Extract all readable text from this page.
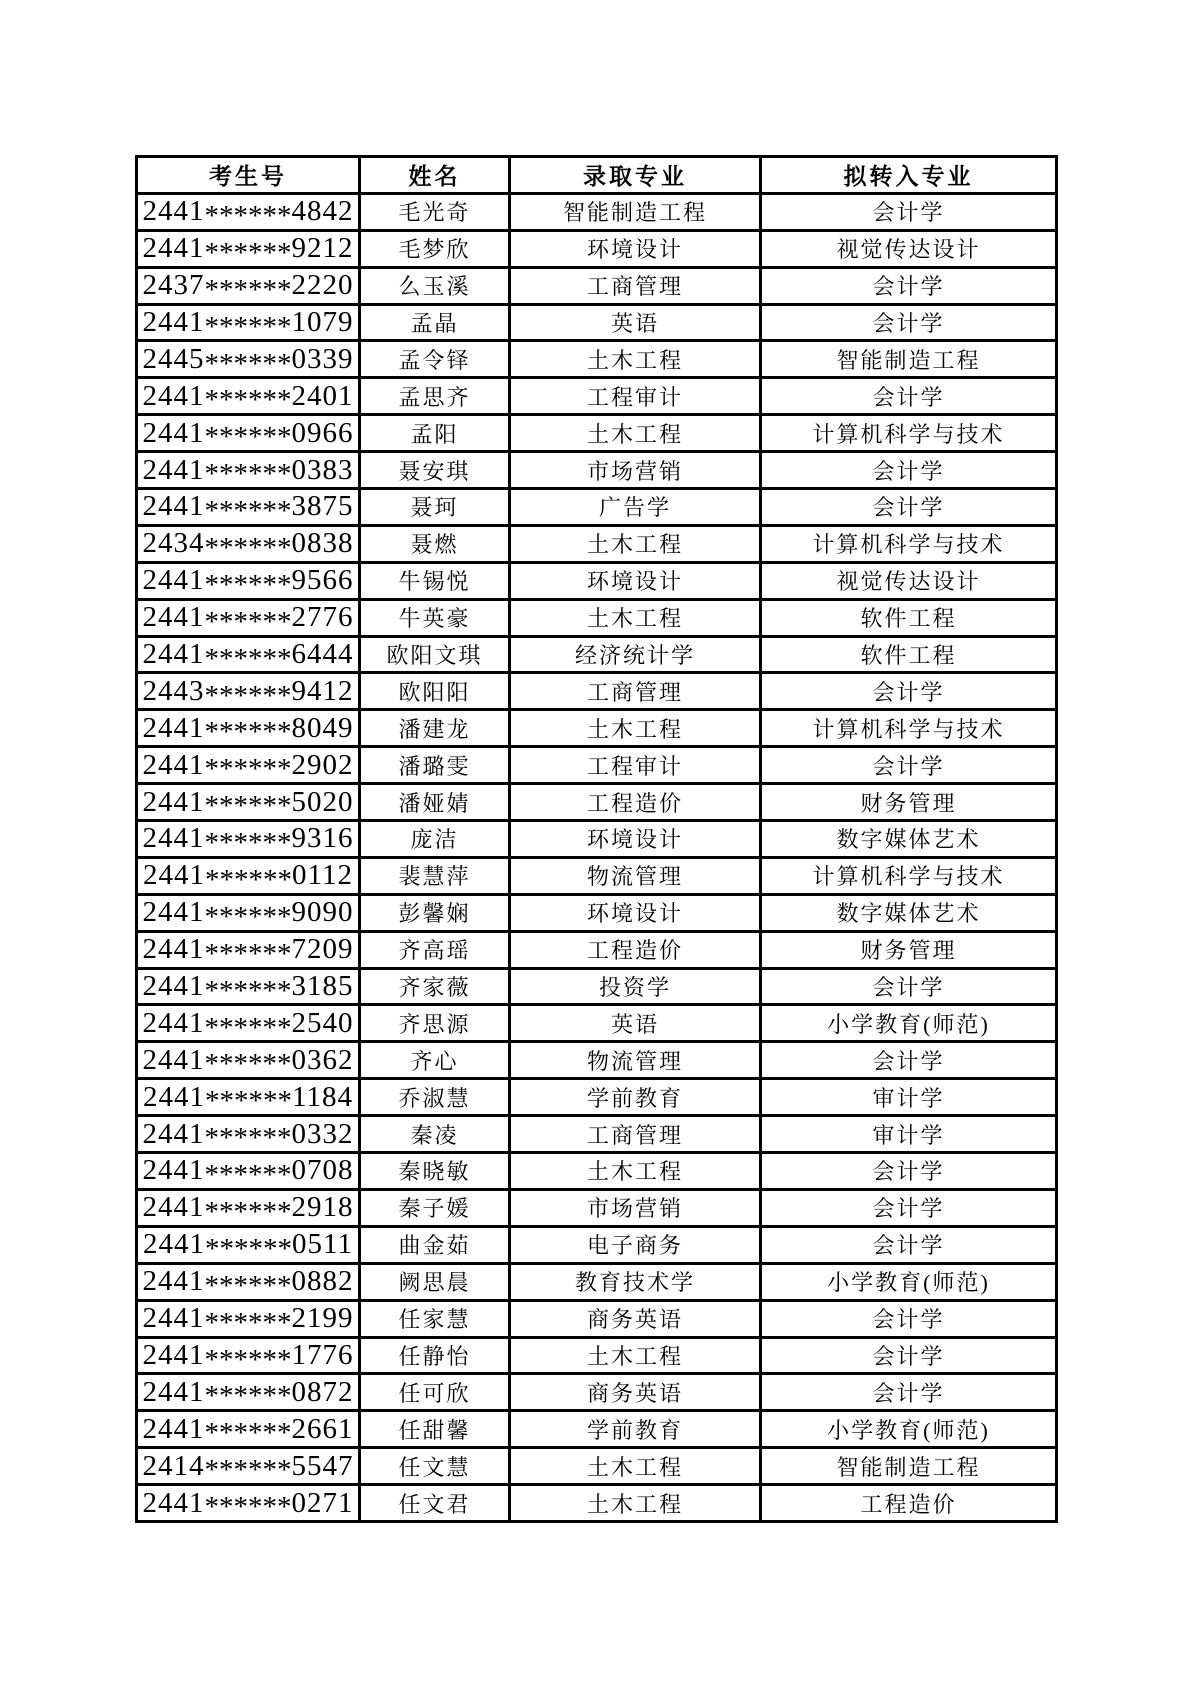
考生号	姓名	录取专业	拟转入专业
2441******4842	毛光奇	智能制造工程	会计学
2441******9212	毛梦欣	环境设计	视觉传达设计
2437******2220	么玉溪	工商管理	会计学
2441******1079	孟晶	英语	会计学
2445******0339	孟令铎	土木工程	智能制造工程
2441******2401	孟思齐	工程审计	会计学
2441******0966	孟阳	土木工程	计算机科学与技术
2441******0383	聂安琪	市场营销	会计学
2441******3875	聂珂	广告学	会计学
2434******0838	聂燃	土木工程	计算机科学与技术
2441******9566	牛锡悦	环境设计	视觉传达设计
2441******2776	牛英豪	土木工程	软件工程
2441******6444	欧阳文琪	经济统计学	软件工程
2443******9412	欧阳阳	工商管理	会计学
2441******8049	潘建龙	土木工程	计算机科学与技术
2441******2902	潘璐雯	工程审计	会计学
2441******5020	潘娅婧	工程造价	财务管理
2441******9316	庞洁	环境设计	数字媒体艺术
2441******0112	裴慧萍	物流管理	计算机科学与技术
2441******9090	彭馨娴	环境设计	数字媒体艺术
2441******7209	齐高瑶	工程造价	财务管理
2441******3185	齐家薇	投资学	会计学
2441******2540	齐思源	英语	小学教育(师范)
2441******0362	齐心	物流管理	会计学
2441******1184	乔淑慧	学前教育	审计学
2441******0332	秦凌	工商管理	审计学
2441******0708	秦晓敏	土木工程	会计学
2441******2918	秦子媛	市场营销	会计学
2441******0511	曲金茹	电子商务	会计学
2441******0882	阙思晨	教育技术学	小学教育(师范)
2441******2199	任家慧	商务英语	会计学
2441******1776	任静怡	土木工程	会计学
2441******0872	任可欣	商务英语	会计学
2441******2661	任甜馨	学前教育	小学教育(师范)
2414******5547	任文慧	土木工程	智能制造工程
2441******0271	任文君	土木工程	工程造价
